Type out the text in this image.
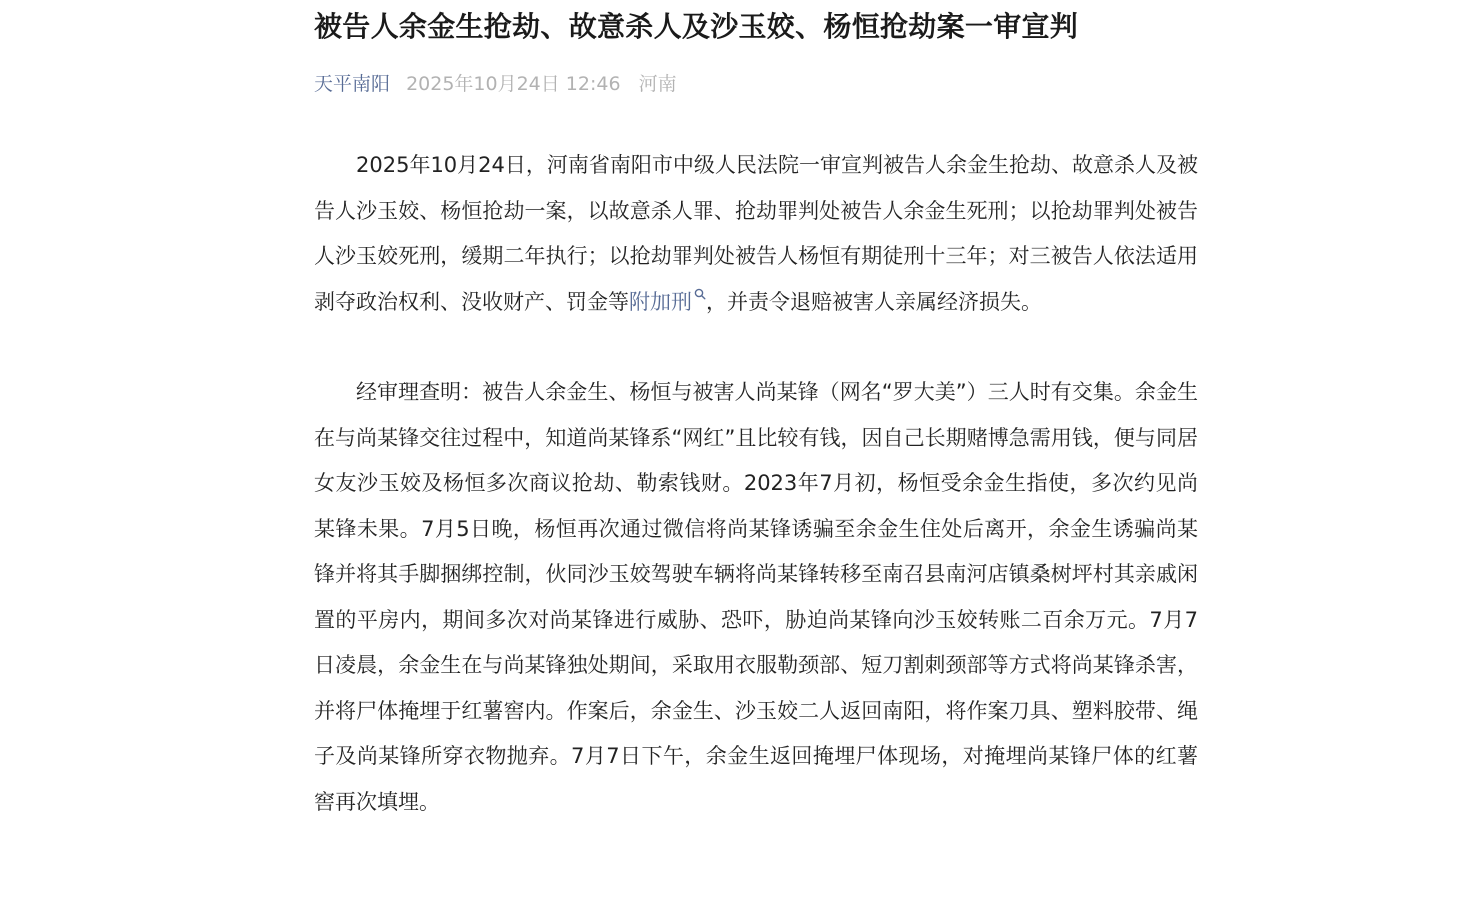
被告人余金生抢劫、故意杀人及沙玉姣、杨恒抢劫案一审宣判
天平南阳 2025年10月24日 12:46 河南

2025年10月24日，河南省南阳市中级人民法院一审宣判被告人余金生抢劫、故意杀人及被告人沙玉姣、杨恒抢劫一案，以故意杀人罪、抢劫罪判处被告人余金生死刑；以抢劫罪判处被告人沙玉姣死刑，缓期二年执行；以抢劫罪判处被告人杨恒有期徒刑十三年；对三被告人依法适用剥夺政治权利、没收财产、罚金等附加刑 ，并责令退赔被害人亲属经济损失。

经审理查明：被告人余金生、杨恒与被害人尚某锋（网名“罗大美”）三人时有交集。余金生在与尚某锋交往过程中，知道尚某锋系“网红”且比较有钱，因自己长期赌博急需用钱，便与同居女友沙玉姣及杨恒多次商议抢劫、勒索钱财。2023年7月初，杨恒受余金生指使，多次约见尚某锋未果。7月5日晚，杨恒再次通过微信将尚某锋诱骗至余金生住处后离开，余金生诱骗尚某锋并将其手脚捆绑控制，伙同沙玉姣驾驶车辆将尚某锋转移至南召县南河店镇桑树坪村其亲戚闲置的平房内，期间多次对尚某锋进行威胁、恐吓，胁迫尚某锋向沙玉姣转账二百余万元。7月7日凌晨，余金生在与尚某锋独处期间，采取用衣服勒颈部、短刀割刺颈部等方式将尚某锋杀害，并将尸体掩埋于红薯窖内。作案后，余金生、沙玉姣二人返回南阳，将作案刀具、塑料胶带、绳子及尚某锋所穿衣物抛弃。7月7日下午，余金生返回掩埋尸体现场，对掩埋尚某锋尸体的红薯窖再次填埋。
